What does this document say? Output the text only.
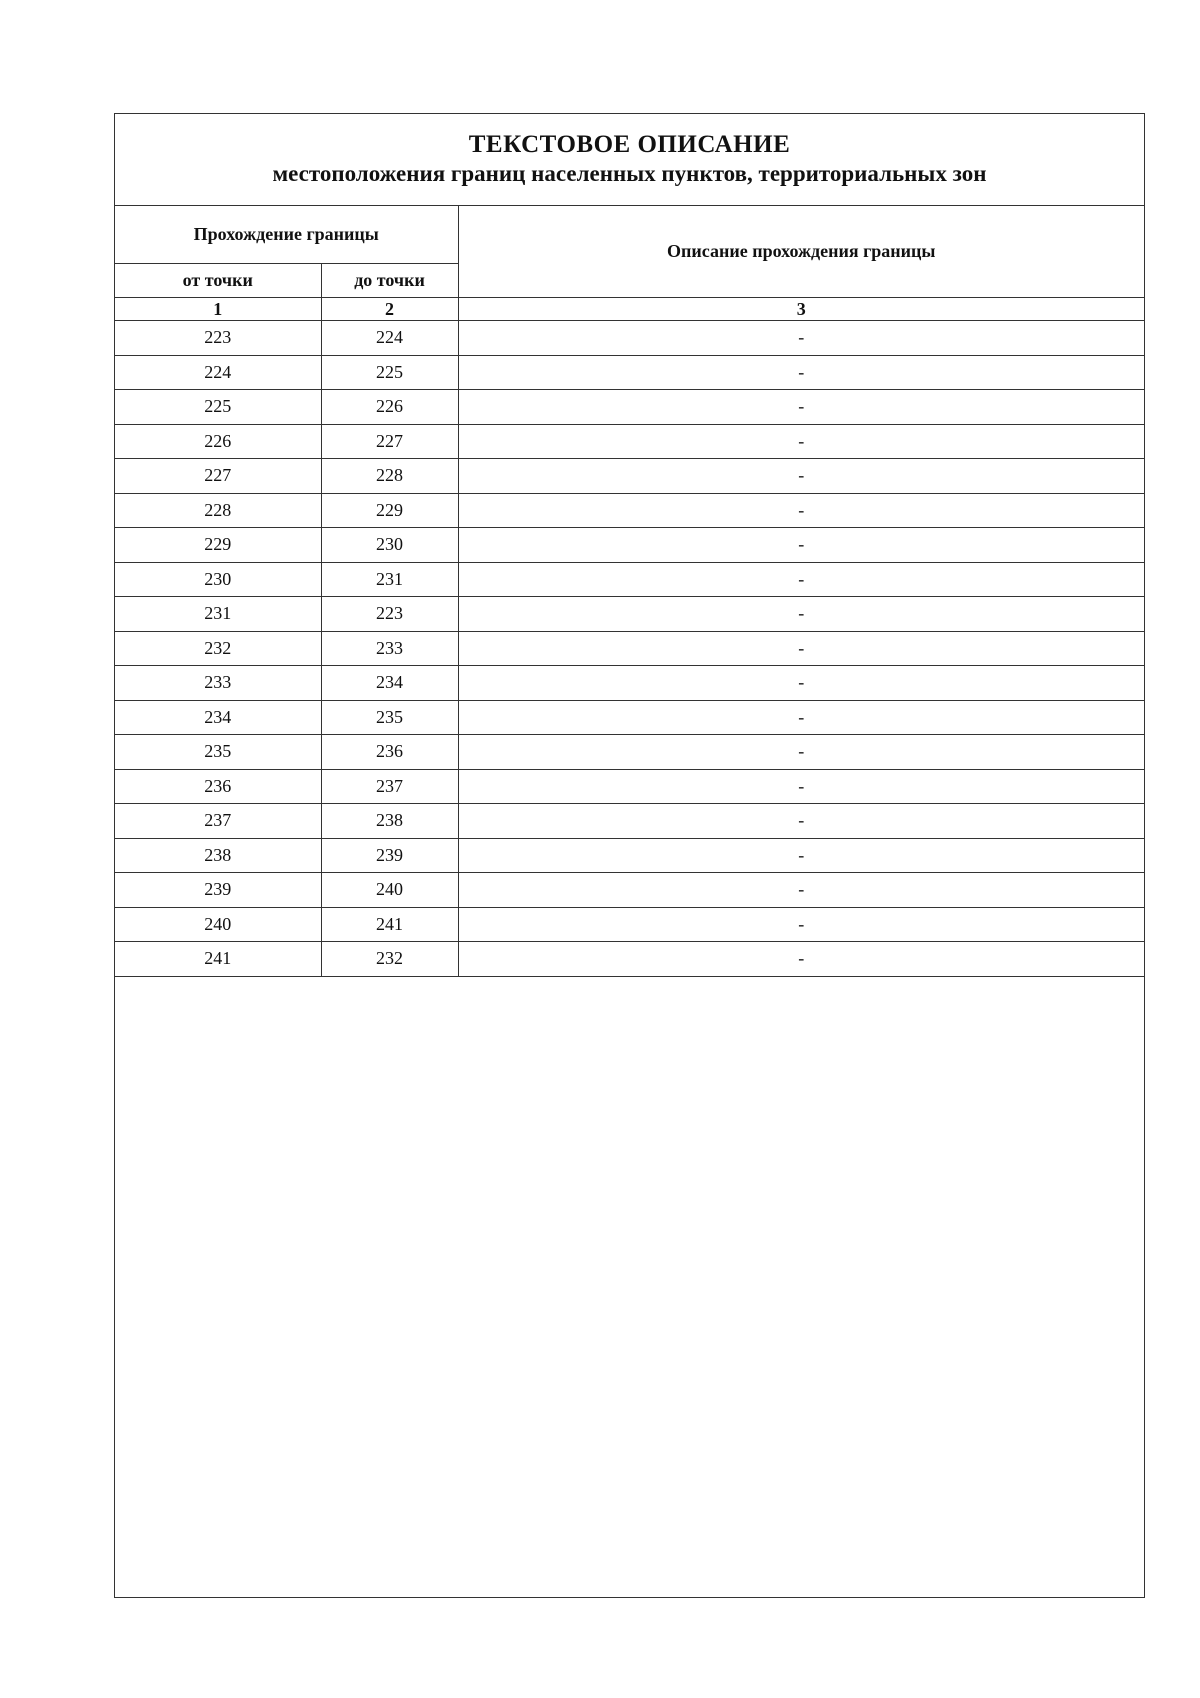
ТЕКСТОВОЕ ОПИСАНИЕ
местоположения границ населенных пунктов, территориальных зон
Прохождение границы		Описание прохождения границы
от точки	до точки	
1	2	3
223	224	-
224	225	-
225	226	-
226	227	-
227	228	-
228	229	-
229	230	-
230	231	-
231	223	-
232	233	-
233	234	-
234	235	-
235	236	-
236	237	-
237	238	-
238	239	-
239	240	-
240	241	-
241	232	-
